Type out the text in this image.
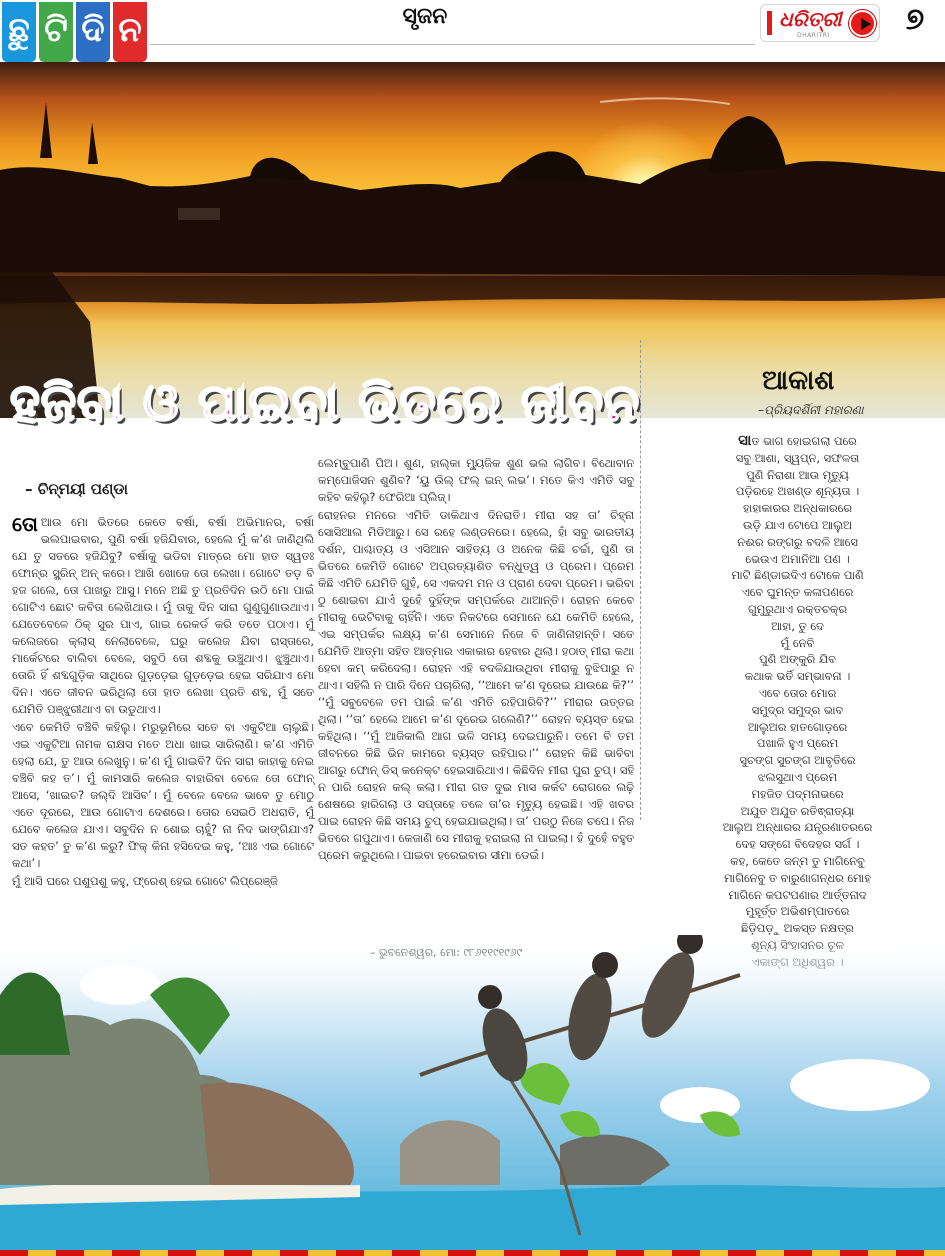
ଛୁ ଟି ଦି ନ	ସୃଜନ	ଧରିତ୍ରୀ
DHARITRI	୭
ହଜିବା ଓ ପାଇବା ଭିତରେ ଜୀବନ
– ଚିନ୍ମୟୀ ପଣ୍ଡା

ତୋଆଉ ମୋ ଭିତରେ କେତେ ବର୍ଷା, ବର୍ଷା ଅଭିମାନର, ବର୍ଷା ଭଲପାଇବାର, ପୁଣି ବର୍ଷା ହଜିଯିବାର, ହେଲେ ମୁଁ କ’ଣ ଜାଣିଥିଲି ଯେ ତୁ ସତରେ ହଜିଯିବୁ? ବର୍ଷାକୁ ଭଡିବା ମାତ୍ରେ ମୋ ହାତ ସ୍ୱତଃ ଫୋନ୍‌ର ସ୍କ୍ରିନ୍ ଅନ୍ କରେ। ଆଖି ଖୋଜେ ତୋ ଲେଖା। ଗୋଟେ ତଡ଼ ବି ହଜ ଗଲେ, ତୋ ପାଖରୁ ଆସୁ। ମନେ ଅଛି ତୁ ପ୍ରତିଦିନ ଉଠି ମୋ ପାଇଁ ଗୋଟିଏ ଛୋଟ କବିତା ଲେଖିଥାଉ। ମୁଁ ତାକୁ ଦିନ ସାରା ଗୁଣୁଗୁଣାଉଥାଏ। ଯେତେବେଳେ ଠିକ୍ ସୁର ପାଏ, ଗାଇ ରେକର୍ଡ କରି ତତେ ପଠାଏ। ମୁଁ କଲେଜରେ କ୍ଲାସ୍ ନେଲାବେଳେ, ଘରୁ କଲେଜ ଯିବା ରାସ୍ତାରେ, ମାର୍କେଟରେ ବାଲିବା ବେଳେ, ସବୁଠି ତୋ ଶବ୍ଦକୁ ଉଞ୍ଚୁଥାଏ। ଝୁଞ୍ଚୁଥାଏ। ତୋରି ହିଁ ଶବ୍ଦଗୁଡ଼ିକ ସାଥିରେ ଗୁଡ଼ଡ଼େଇ ଗୁଡ଼ଡ଼େଇ ହେଇ ସରିଯାଏ ମୋ ଦିନ। ଏତେ ଜୀବନ ଭରିଥିଲା ତୋ ହାତ ଲେଖା ପ୍ରତି ଶବ୍ଦ, ମୁଁ ସତେ ଯେମିତି ପଞ୍ଝୁରୀଥାଏ ବା ଉଡୁଥାଏ।

ଏବେ କେମିତି ବଞ୍ଚିବି କହିଲୁ। ମରୁଭୂମିରେ ସତେ ବା ଏକୁଟିଆ ଚାଲୁଛି। ଏଇ ଏକୁଟିଆ ନାମକ ରାକ୍ଷସ ମତେ ଅଧା ଖାଇ ସାରିଲାଣି। କ’ଣ ଏମିତି ହେଲା ଯେ, ତୁ ଆଉ ଲେଖୁନୁ। କ’ଣ ମୁଁ ଗାଇବି? ଦିନ ସାରା କାହାକୁ ନେଇ ବଞ୍ଚିବି କହ ତ’। ମୁଁ କାମସାରି କଲେଜ ବାହାରିବା ବେଳେ ତୋ ଫୋନ୍ ଆସେ, ‘ଖାଇଚ? ଜଲ୍‌ଦି ଆସିବ’। ମୁଁ ବେଳେ ବେଳେ ଭାବେ ତୁ ମୋଠୁ ଏତେ ଦୂରରେ, ଆଉ ଗୋଟାଏ ଦେଶରେ। ତୋର ସେଇଠି ଅଧରାତି, ମୁଁ ଯେବେ କଲେଜ ଯାଏ। ସବୁଦିନ ନ ଶୋଇ ଚାହୁଁ? ନା ନିଦ ଭାଙ୍ଗିଯାଏ? ସତ କହତ’ ତୁ କ’ଣ କରୁ? ଫିକ୍ କିନା ହସିଦେଇ କହୁ, ‘ଆଃ ଏଇ ଗୋଟେ କଥା’।

ମୁଁ ଆସି ଘରେ ପଶୁପଶୁ କହୁ, ଫ୍ରେଶ୍ ହେଇ ଗୋଟେ ଲିପ୍ରେଞ୍ଜି

ଲେମ୍ବୁପାଣି ପିଅ। ଶୁଣ, ହାଲ୍କା ମ୍ୟୁଜିକ ଶୁଣ ଭଲ ଲାଗିବ। ବିଥୋବାନ କମ୍ପୋଜିସନ ଶୁଣିବ? ‘ୟୁ ଉିଲ୍ ଫଲ୍ ଇନ୍ ଲଭ’। ମତେ କିଏ ଏମିତି ସବୁ କହିବ କହିଲୁ? ଫେରିଆ ପ୍ଲିଜ୍।

ରୋହନର ମନରେ ଏମିତି ଡାକିଥାଏ ଦିନରାତି। ମୀରା ସହ ତା’ ଚିହ୍ନା ସୋସିଆଲ ମିଡିଆରୁ। ସେ ରହେ ଲଣ୍ଡନରେ। ହେଲେ, ହାଁ ସବୁ ଭାରତୀୟ ଦର୍ଶନ, ପାଶ୍ଚାତ୍ୟ ଓ ଏସିଆନ ସାହିତ୍ୟ ଓ ଅନେକ କିଛି ଚର୍ଚ୍ଚା, ପୁଣି ତା ଭିତରେ କେମିତି ଗୋଟେ ଅପ୍ରତ୍ୟାଶିତ ବନ୍ଧୁତ୍ୱ ଓ ପ୍ରେମ। ପ୍ରେମ କିଛି ଏମିତି ଯେମିତି ଗୁହଁ, ସେ ଏକଦମ ମନ ଓ ପ୍ରାଣ ଦେବା ପ୍ରେମ। ଭରିବା ଠୁ ଶୋଇବା ଯାଏଁ ଦୁହେଁ ଦୁହିଁଙ୍କ ସମ୍ପର୍କରେ ଥାଆନ୍ତି। ରୋହନ କେବେ ମୀରାକୁ ଭେଟିବାକୁ ଚାହିଁନି। ଏତେ ନିକଟରେ ସେମାନେ ଯେ କେମିତି ହେଲେ, ଏଇ ସମ୍ପର୍କର ଲକ୍ଷ୍ୟ କ’ଣ ସେମାନେ ନିଜେ ବି ଜାଣିନାହାନ୍ତି। ସତେ ଯେମିତି ଆତ୍ମା ସହିତ ଆତ୍ମାର ଏକାକାର ହେବାର ଥିଲା। ହଠାତ୍ ମୀରା କଥା ହେବା କମ୍ କରିଦେଲା। ରୋହନ ଏହି ବଦଳିଯାଉଥିବା ମୀରାକୁ ବୁଝିପାରୁ ନ ଥାଏ। ସହିଲି ନ ପାରି ଦିନେ ପଚାରିଲା, ‘‘ଆମେ କ’ଣ ଦୂରେଇ ଯାଉଛେ କି?’’ ‘‘ମୁଁ ସବୁବେଳେ ତମ ପାଇଁ କ’ଣ ଏମିତି ରହିପାରିବି?’’ ମୀରାର ଉତ୍ତର ଥିଲା। ‘‘ତା’ ହେଲେ ଆମେ କ’ଣ ଦୂରେଇ ଗଲେଣି?’’ ରୋହନ ବ୍ୟସ୍ତ ହେଇ କହିଥିଲା। ‘‘ମୁଁ ଆଜିକାଲି ଆଗ ଭଳି ସମୟ ଦେଇପାରୁନି। ତମେ ବି ତମ ଜୀବନରେ କିଛି ଭିନ କାମରେ ବ୍ୟସ୍ତ ରହିପାର।’’ ରୋହନ କିଛି ଭାବିବା ଆଗରୁ ଫୋନ୍ ଡିସ୍ କନେକ୍ଟ ହେଇସାରିଥାଏ। କିଛିଦିନ ମୀରା ପୁରା ଚୁପ୍। ସହି ନ ପାରି ରୋହନ କଲ୍ କଲା। ମୀରା ଗତ ଦୁଇ ମାସ କର୍କଟ ରୋଗରେ ଲଢ଼ି ଶେଷରେ ହାରିଗଲା ଓ ସପ୍ତାହେ ତଳେ ତା’ର ମୃତ୍ୟୁ ହେଇଛି। ଏହି ଖବର ପାଇ ରୋହନ କିଛି ସମୟ ଚୁପ୍ ହେଇଯାଇଥିଲା। ତା’ ପରଠୁ ନିଜେ ଚପେ। ନିଜ ଭିତରେ ଗପୁଥାଏ। କେଜାଣି ସେ ମୀରାକୁ ହରାଇଲା ନା ପାଇଲା। ହଁ ଦୁହେଁ ବହୁତ ପ୍ରେମ କରୁଥିଲେ। ପାଇବା ହରେଇବାର ସୀମା ଡେଇଁ।

ଆକାଶ
–ପ୍ରିୟଦର୍ଶିନୀ ମହାରଣା
ସାତ ଭାଗ ହୋଇଗଲା ପରେ
ସବୁ ଆଶା, ସ୍ୱପ୍ନ, ସଫଳତା
ପୁଣି ନିରାଶା ଆଉ ମୃତ୍ୟୁ
ପଡ଼ିରହେ ଅଖଣ୍ଡ ଶୂନ୍ୟତା ।
ହାହାକାରର ଅନ୍ଧକାରରେ
ଉଡ଼ି ଯାଏ ଟୋପେ ଆଲୁଅ
ନଈର ରଙ୍ଗରୁ ବଦଳି ଆସେ
ଭେଉଏ ଅମାନିଆ ପଣ ।
ମାଟି ଛିଣ୍ଡାଇଦିଏ ଟୋକେ ପାଣି
ଏବେ ଘୁମନ୍ତ କଳାପଣରେ
ଗୁମୁରୁଥାଏ ରକ୍ତଚକ୍ର
ଆହା, ତୁ ଦେ
ମୁଁ ନେବି
ପୁଣି ଅଙ୍କୁରି ଯିବ
କଥାକ ଭର୍ତି ସମ୍ଭାବନା ।
ଏବେ ତୋର ମୋର
ସମୁଦ୍ର ସମୁଦ୍ର ଭାବ
ଆଲୁଅର ହାତଗୋଡ଼ରେ
ପଖାଳି ହୁଏ ପ୍ରେମ
ସୁଚଙ୍ଗ ସୁଚଙ୍ଗ ଆବୃତିରେ
ଝଲସୁଥାଏ ପ୍ରେମ
ମହଜିତ ପଦ୍ମନାଭରେ
ଅଯୁତ ଅଯୁତ ରତିଵ୍ରାତ୍ୟା
ଆଲୁଅ ଅନ୍ଧାରର ଯନ୍ତ୍ରଣାତରରେ
ଦେହ ସଙ୍ଗେ ବିଦେହର ସର୍ଗ ।
କହ, କେତେ ଜନ୍ମ ତୁ ମାଗିନେବୁ
ମାଗିନେବୁ ତ ବାରୁଣାଗନ୍ଧର ମୋହ
ମାଗିନେ କପଟପଣାର ଆର୍ତ୍ତନାଦ
ମୁହୂର୍ତ୍ତ ଅଭିଶମ୍ପାତରେ
ଛିଡ଼ିପଡ଼ୁ ଅକସ୍ତ ନକ୍ଷତ୍ର
